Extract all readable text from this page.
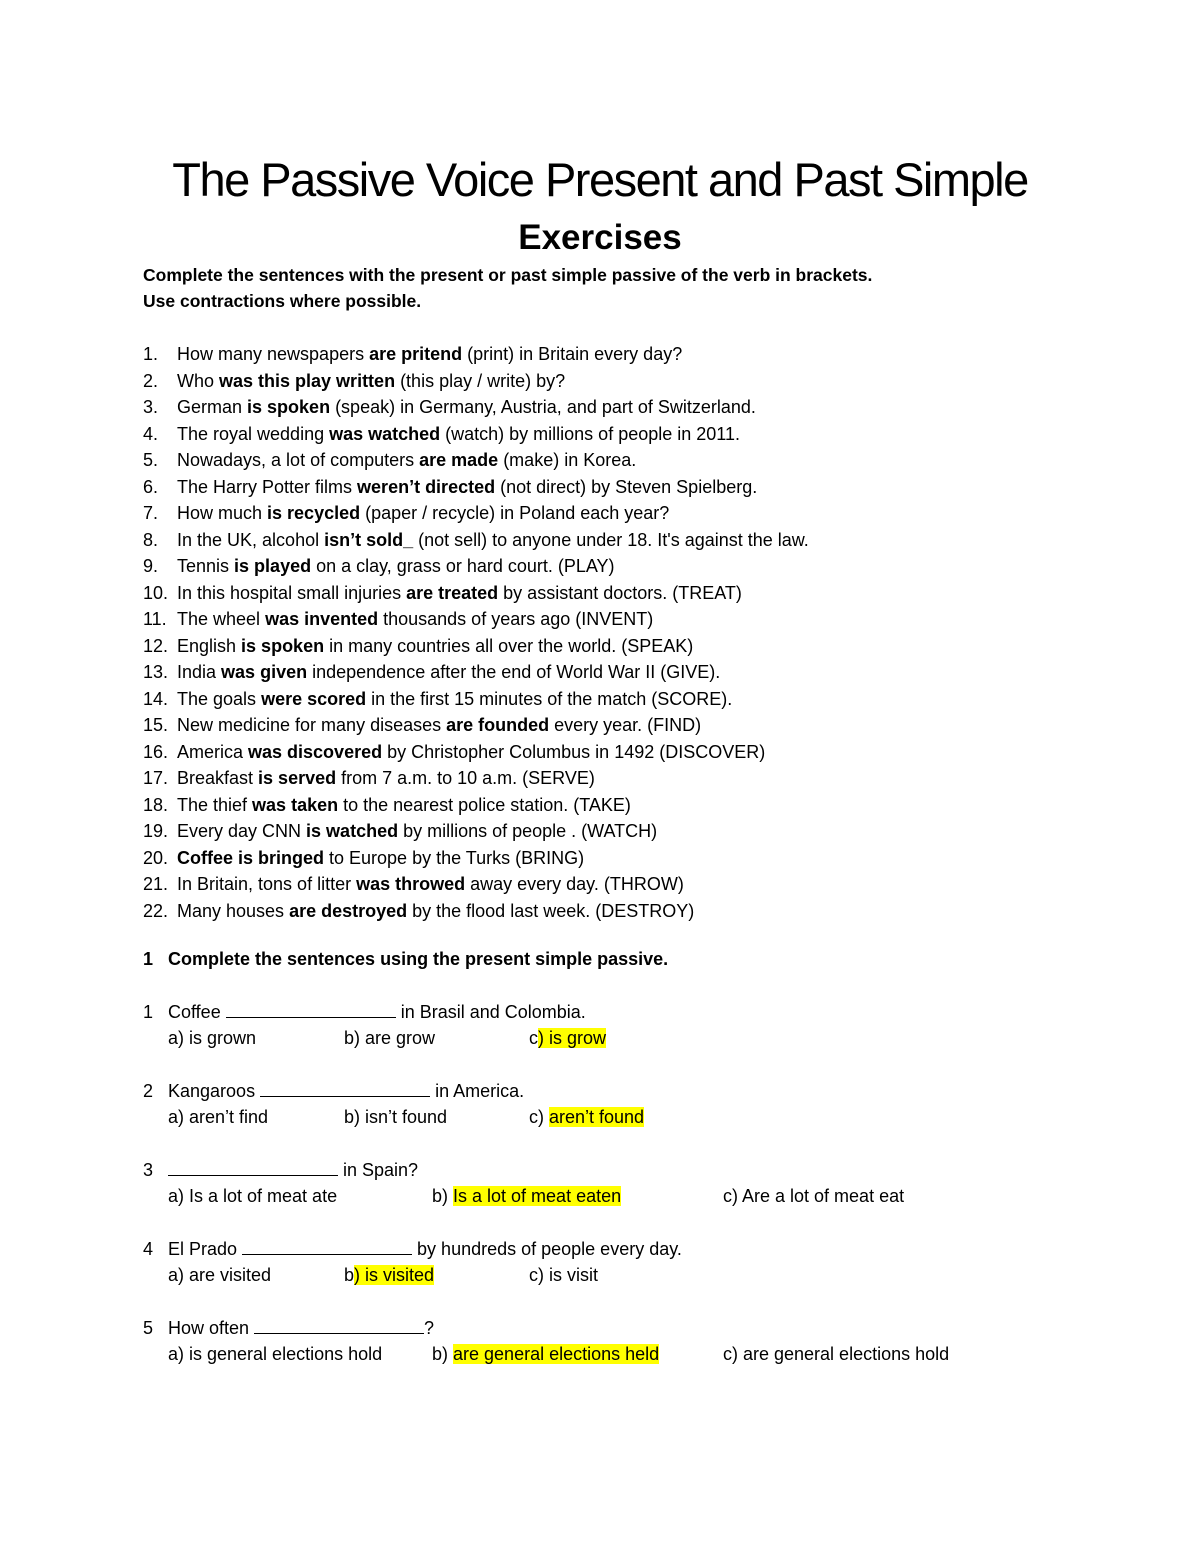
The Passive Voice Present and Past Simple
Exercises
Complete the sentences with the present or past simple passive of the verb in brackets.
Use contractions where possible.
1.	How many newspapers are pritend (print) in Britain every day?
2.	Who was this play written (this play / write) by?
3.	German is spoken (speak) in Germany, Austria, and part of Switzerland.
4.	The royal wedding was watched (watch) by millions of people in 2011.
5.	Nowadays, a lot of computers are made (make) in Korea.
6.	The Harry Potter films weren’t directed (not direct) by Steven Spielberg.
7.	How much is recycled (paper / recycle) in Poland each year?
8.	In the UK, alcohol isn’t sold_ (not sell) to anyone under 18. It's against the law.
9.	Tennis is played on a clay, grass or hard court. (PLAY)
10. In this hospital small injuries are treated by assistant doctors. (TREAT)
11. The wheel was invented thousands of years ago (INVENT)
12. English is spoken in many countries all over the world. (SPEAK)
13. India was given independence after the end of World War II (GIVE).
14. The goals were scored in the first 15 minutes of the match (SCORE).
15. New medicine for many diseases are founded every year. (FIND)
16. America was discovered by Christopher Columbus in 1492 (DISCOVER)
17. Breakfast is served from 7 a.m. to 10 a.m. (SERVE)
18. The thief was taken to the nearest police station. (TAKE)
19. Every day CNN is watched by millions of people . (WATCH)
20. Coffee is bringed to Europe by the Turks (BRING)
21. In Britain, tons of litter was throwed away every day. (THROW)
22. Many houses are destroyed by the flood last week. (DESTROY)
1 Complete the sentences using the present simple passive.
1 Coffee	in Brasil and Colombia.
a) is grown	b) are grow	c) is grow
2 Kangaroos	in America.
a) aren’t find	b) isn’t found	c) aren’t found
3	in Spain?
a) Is a lot of meat ate	b) Is a lot of meat eaten	c) Are a lot of meat eat
4 El Prado	by hundreds of people every day.
a) are visited	b) is visited	c) is visit
5 How often	?
a) is general elections hold	b) are general elections held	c) are general elections hold
